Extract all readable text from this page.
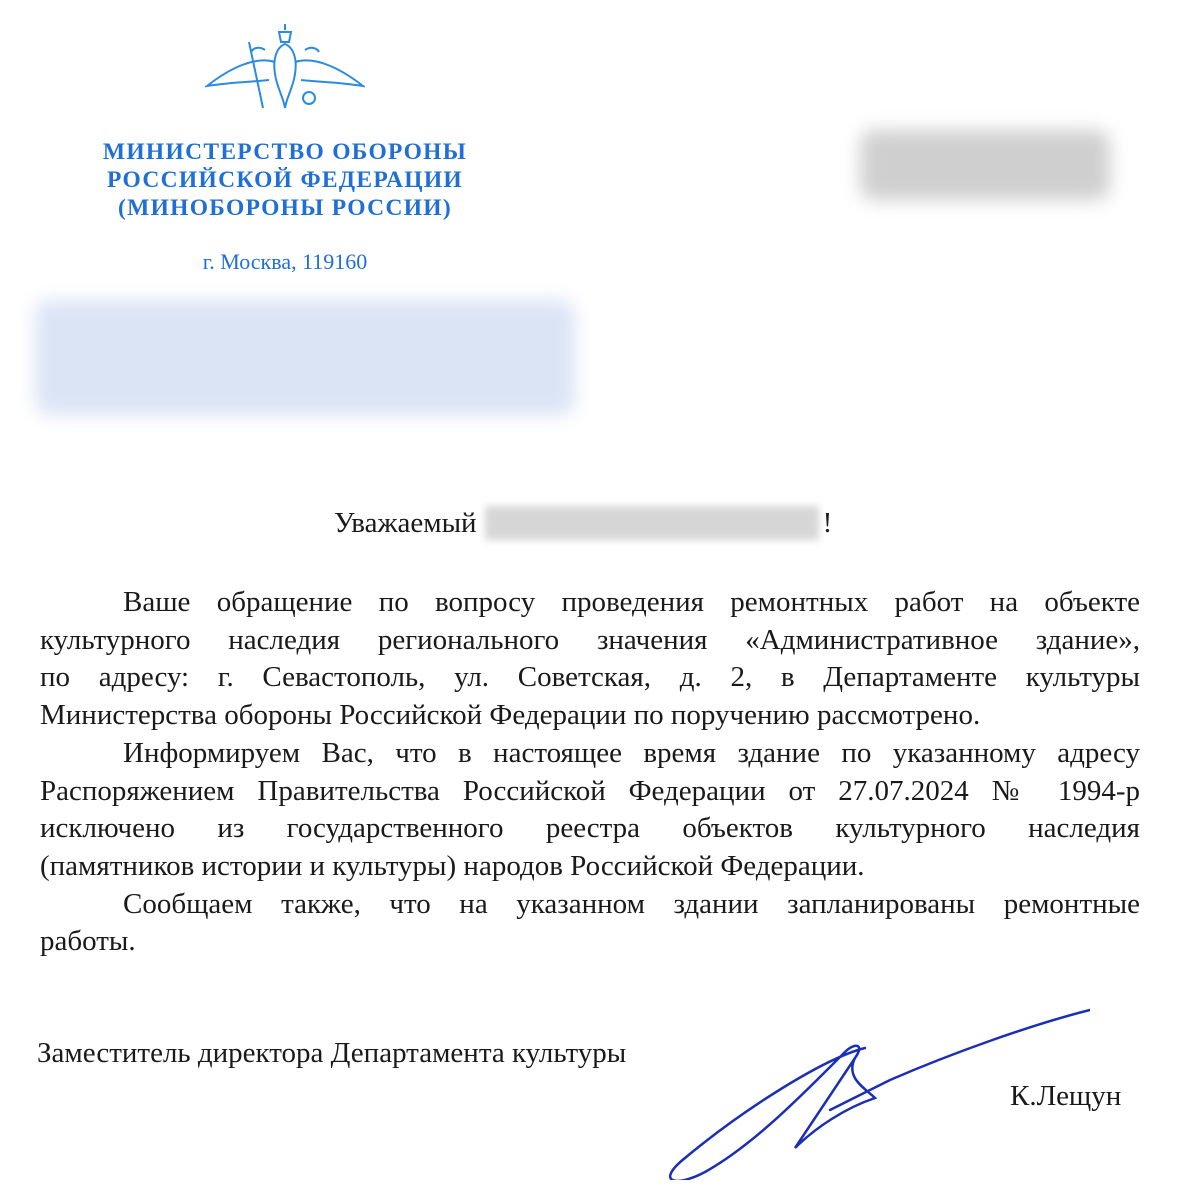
МИНИСТЕРСТВО ОБОРОНЫ
РОССИЙСКОЙ ФЕДЕРАЦИИ
(МИНОБОРОНЫ РОССИИ)
г. Москва, 119160
Уважаемый	!
Ваше обращение по вопросу проведения ремонтных работ на объекте
культурного наследия регионального значения «Административное здание»,
по адресу: г. Севастополь, ул. Советская, д. 2, в Департаменте культуры
Министерства обороны Российской Федерации по поручению рассмотрено.
Информируем Вас, что в настоящее время здание по указанному адресу
Распоряжением Правительства Российской Федерации от 27.07.2024 № 1994-р
исключено из государственного реестра объектов культурного наследия
(памятников истории и культуры) народов Российской Федерации.
Сообщаем также, что на указанном здании запланированы ремонтные
работы.
Заместитель директора Департамента культуры
К.Лещун
